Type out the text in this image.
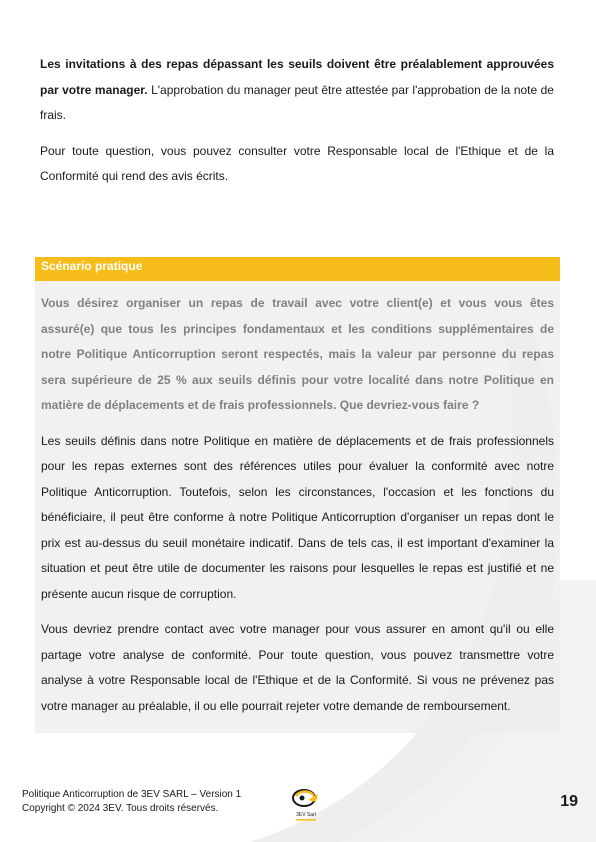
Les invitations à des repas dépassant les seuils doivent être préalablement approuvées par votre manager. L'approbation du manager peut être attestée par l'approbation de la note de frais.

Pour toute question, vous pouvez consulter votre Responsable local de l'Ethique et de la Conformité qui rend des avis écrits.

Scénario pratique

Vous désirez organiser un repas de travail avec votre client(e) et vous vous êtes assuré(e) que tous les principes fondamentaux et les conditions supplémentaires de notre Politique Anticorruption seront respectés, mais la valeur par personne du repas sera supérieure de 25 % aux seuils définis pour votre localité dans notre Politique en matière de déplacements et de frais professionnels. Que devriez-vous faire ?

Les seuils définis dans notre Politique en matière de déplacements et de frais professionnels pour les repas externes sont des références utiles pour évaluer la conformité avec notre Politique Anticorruption. Toutefois, selon les circonstances, l'occasion et les fonctions du bénéficiaire, il peut être conforme à notre Politique Anticorruption d'organiser un repas dont le prix est au-dessus du seuil monétaire indicatif. Dans de tels cas, il est important d'examiner la situation et peut être utile de documenter les raisons pour lesquelles le repas est justifié et ne présente aucun risque de corruption.

Vous devriez prendre contact avec votre manager pour vous assurer en amont qu'il ou elle partage votre analyse de conformité. Pour toute question, vous pouvez transmettre votre analyse à votre Responsable local de l'Ethique et de la Conformité. Si vous ne prévenez pas votre manager au préalable, il ou elle pourrait rejeter votre demande de remboursement.

Politique Anticorruption de 3EV SARL – Version 1
Copyright © 2024 3EV. Tous droits réservés.
3EV Sarl
19
